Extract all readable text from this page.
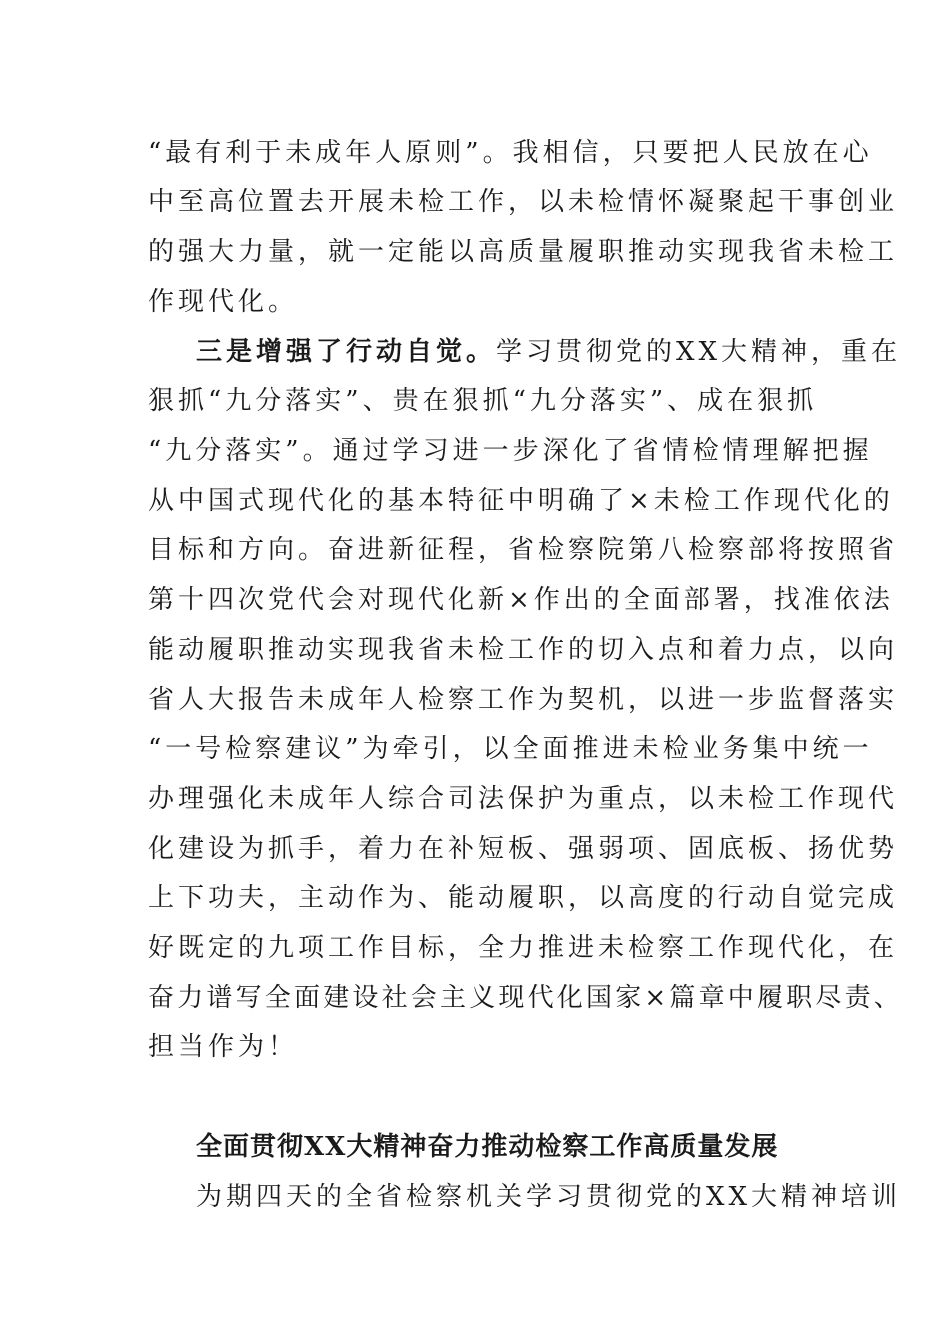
“最有利于未成年人原则”。我相信，只要把人民放在心
中至高位置去开展未检工作，以未检情怀凝聚起干事创业
的强大力量，就一定能以高质量履职推动实现我省未检工
作现代化。
三是增强了行动自觉。学习贯彻党的XX大精神，重在
狠抓“九分落实”、贵在狠抓“九分落实”、成在狠抓
“九分落实”。通过学习进一步深化了省情检情理解把握
从中国式现代化的基本特征中明确了×未检工作现代化的
目标和方向。奋进新征程，省检察院第八检察部将按照省
第十四次党代会对现代化新×作出的全面部署，找准依法
能动履职推动实现我省未检工作的切入点和着力点，以向
省人大报告未成年人检察工作为契机，以进一步监督落实
“一号检察建议”为牵引，以全面推进未检业务集中统一
办理强化未成年人综合司法保护为重点，以未检工作现代
化建设为抓手，着力在补短板、强弱项、固底板、扬优势
上下功夫，主动作为、能动履职，以高度的行动自觉完成
好既定的九项工作目标，全力推进未检察工作现代化，在
奋力谱写全面建设社会主义现代化国家×篇章中履职尽责、
担当作为！
全面贯彻XX大精神奋力推动检察工作高质量发展
为期四天的全省检察机关学习贯彻党的XX大精神培训
